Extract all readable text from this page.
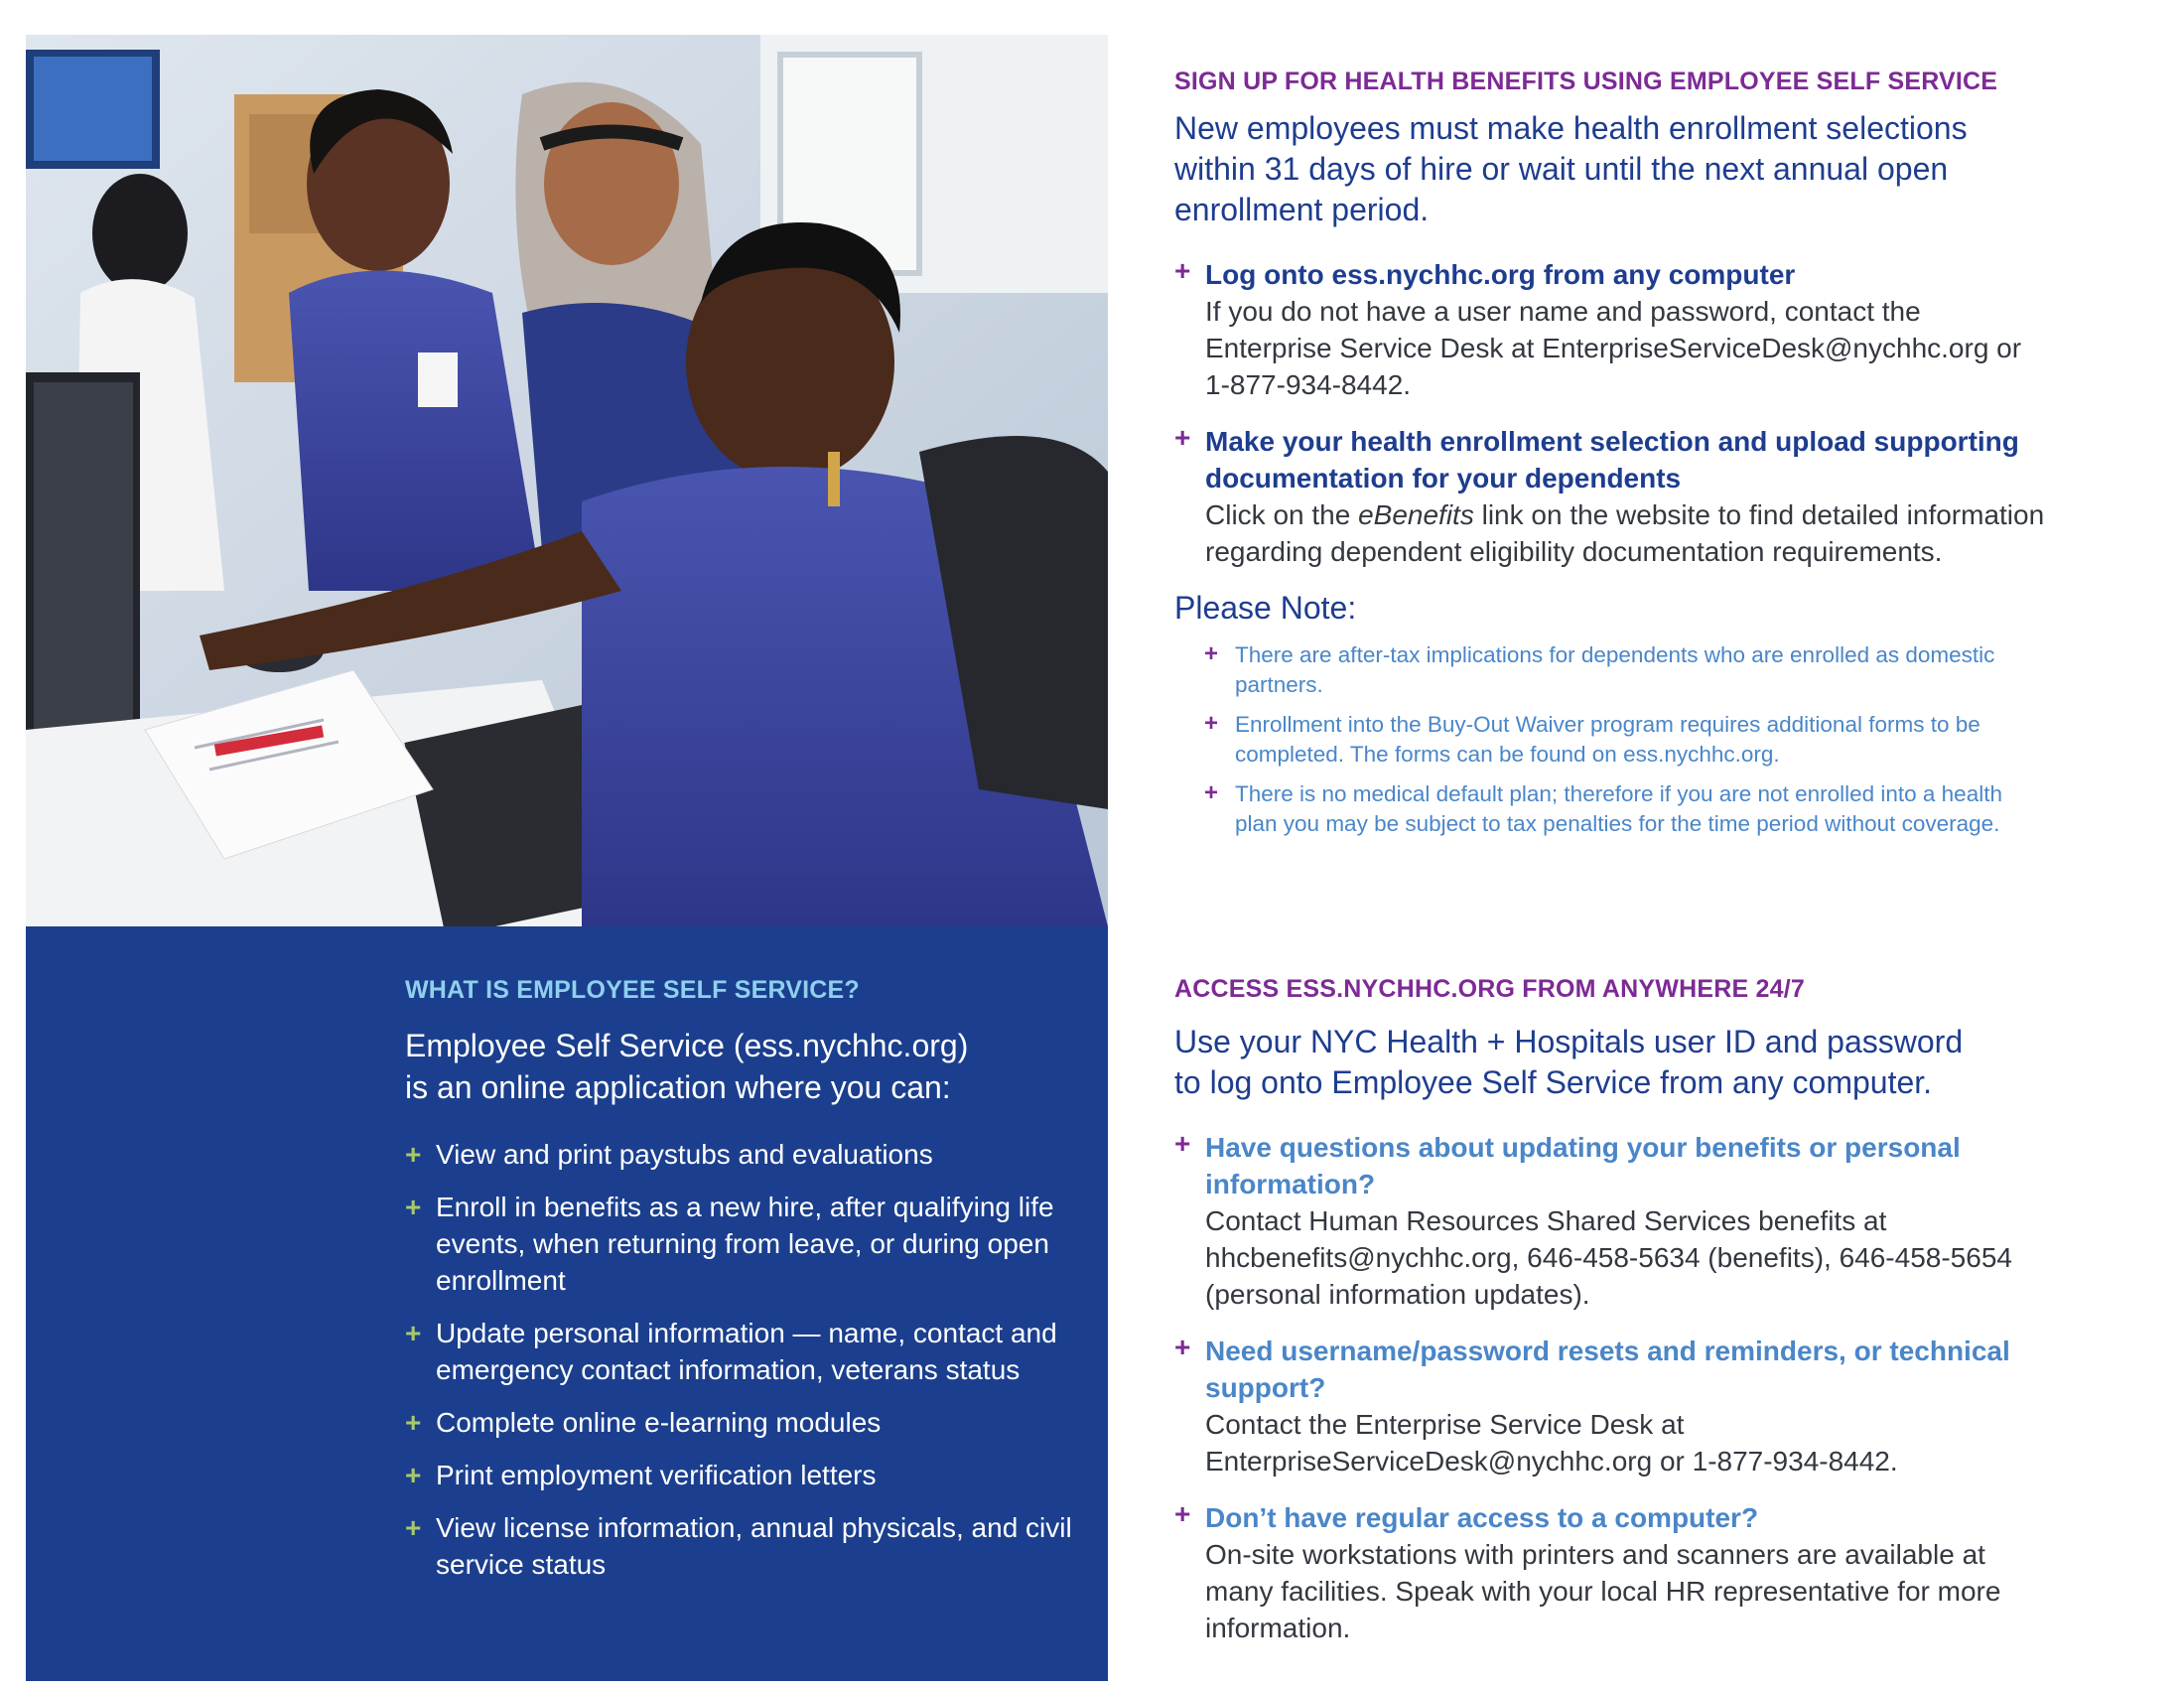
WHAT IS EMPLOYEE SELF SERVICE?
Employee Self Service (ess.nychhc.org)
is an online application where you can:
+ View and print paystubs and evaluations
+ Enroll in benefits as a new hire, after qualifying life events, when returning from leave, or during open enrollment
+ Update personal information — name, contact and emergency contact information, veterans status
+ Complete online e-learning modules
+ Print employment verification letters
+ View license information, annual physicals, and civil service status
SIGN UP FOR HEALTH BENEFITS USING EMPLOYEE SELF SERVICE
New employees must make health enrollment selections within 31 days of hire or wait until the next annual open enrollment period.
+ Log onto ess.nychhc.org from any computer
If you do not have a user name and password, contact the Enterprise Service Desk at EnterpriseServiceDesk@nychhc.org or 1-877-934-8442.
+ Make your health enrollment selection and upload supporting documentation for your dependents
Click on the eBenefits link on the website to find detailed information regarding dependent eligibility documentation requirements.
Please Note:
+ There are after-tax implications for dependents who are enrolled as domestic partners.
+ Enrollment into the Buy-Out Waiver program requires additional forms to be completed. The forms can be found on ess.nychhc.org.
+ There is no medical default plan; therefore if you are not enrolled into a health plan you may be subject to tax penalties for the time period without coverage.
ACCESS ESS.NYCHHC.ORG FROM ANYWHERE 24/7
Use your NYC Health + Hospitals user ID and password
to log onto Employee Self Service from any computer.
+ Have questions about updating your benefits or personal information?
Contact Human Resources Shared Services benefits at hhcbenefits@nychhc.org, 646-458-5634 (benefits), 646-458-5654 (personal information updates).
+ Need username/password resets and reminders, or technical support?
Contact the Enterprise Service Desk at EnterpriseServiceDesk@nychhc.org or 1-877-934-8442.
+ Don’t have regular access to a computer?
On-site workstations with printers and scanners are available at many facilities. Speak with your local HR representative for more information.
